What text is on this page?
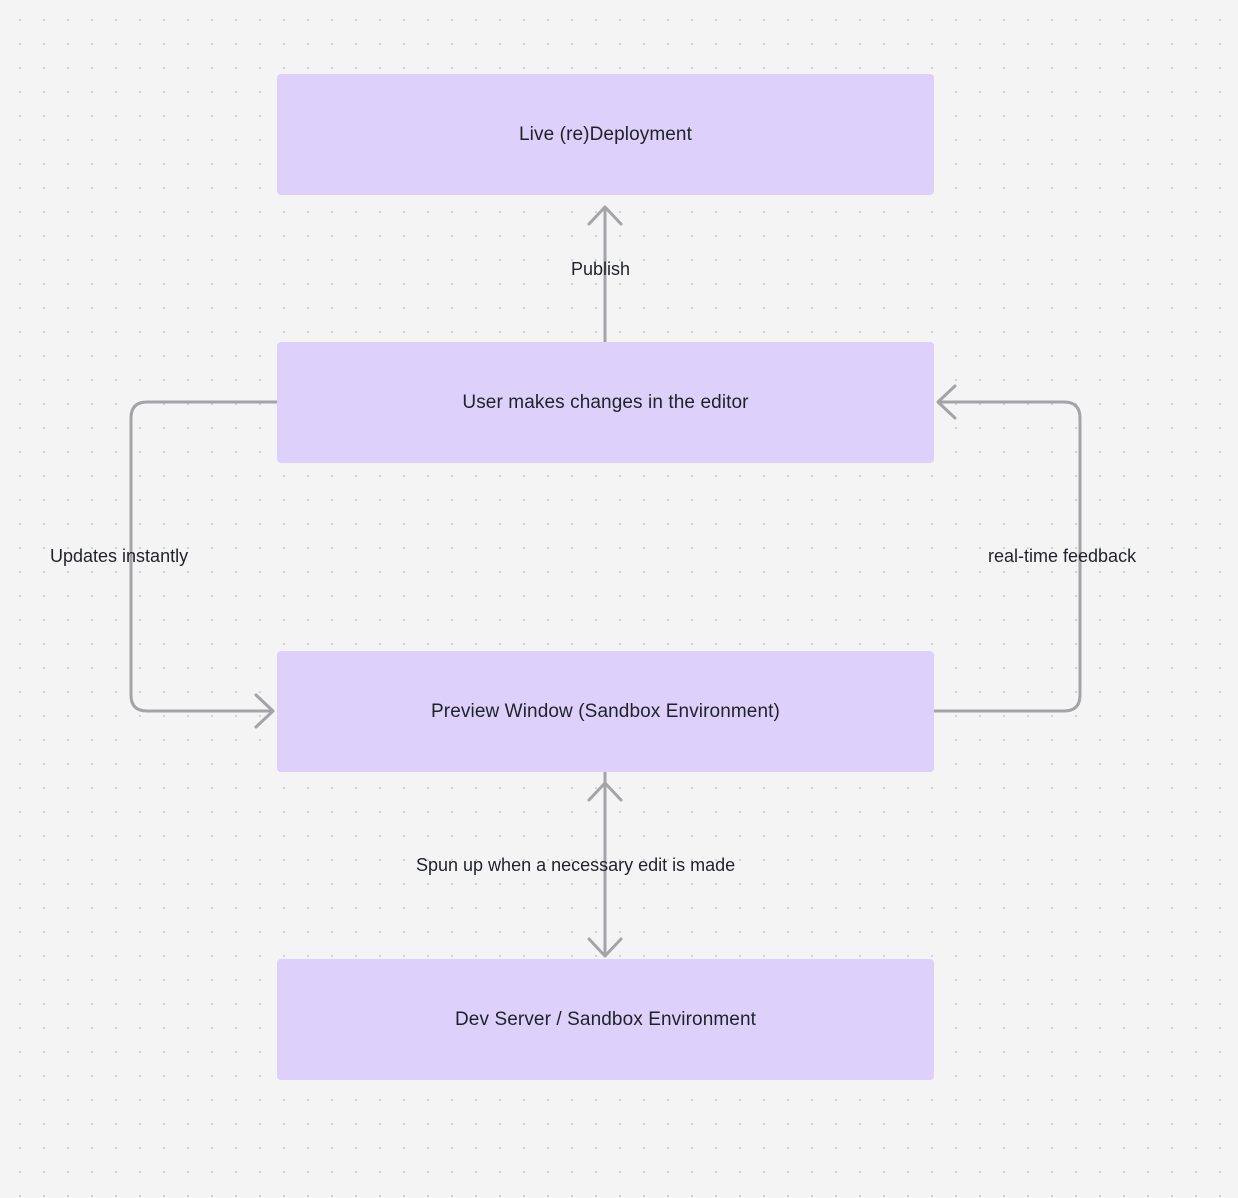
Live (re)Deployment
User makes changes in the editor
Preview Window (Sandbox Environment)
Dev Server / Sandbox Environment
Publish
Updates instantly	real-time feedback
Spun up when a necessary edit is made
